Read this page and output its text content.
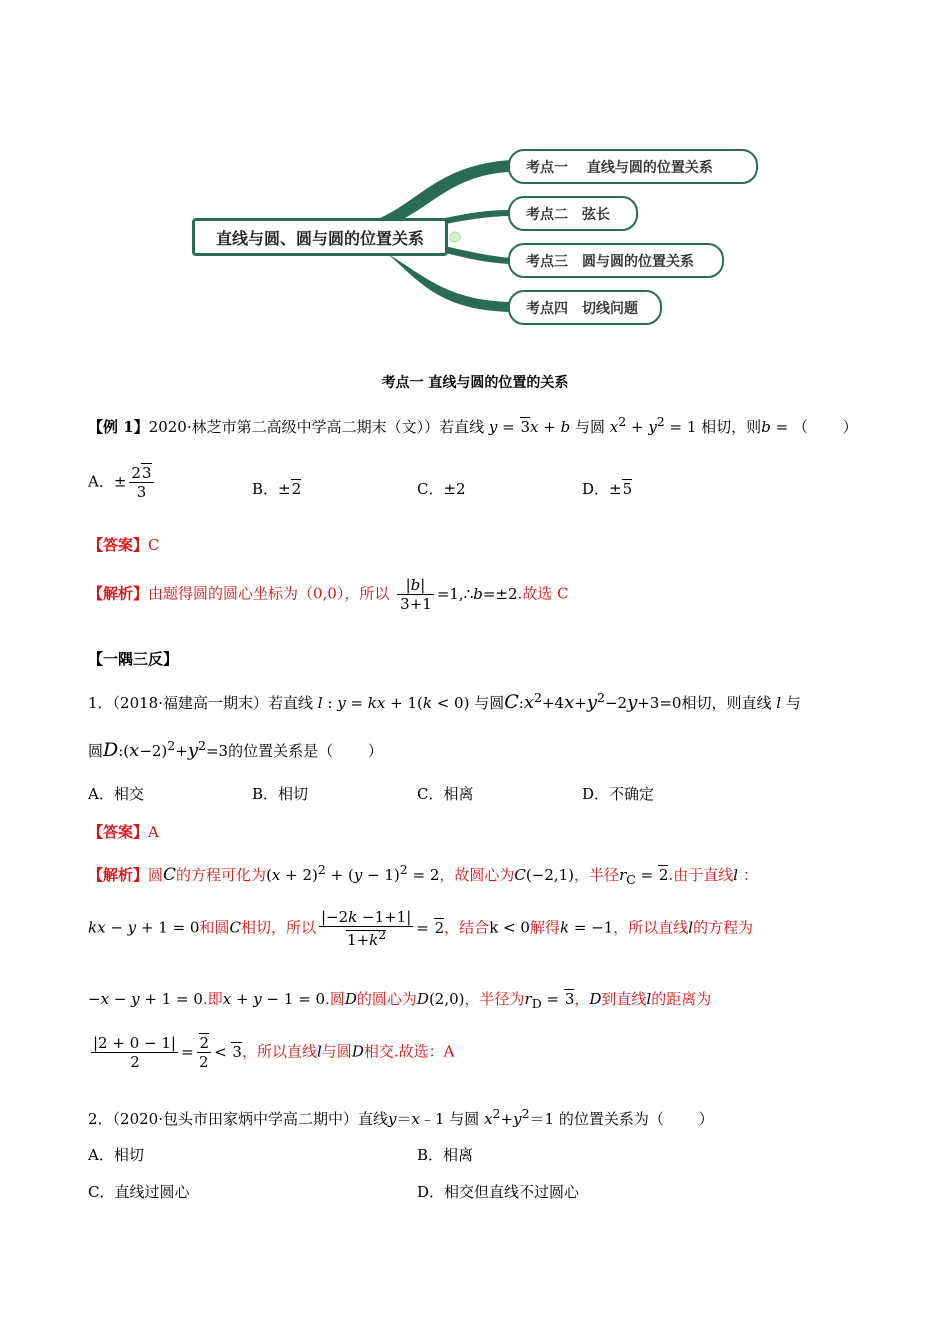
直线与圆、圆与圆的位置关系
考点一　 直线与圆的位置关系
考点二　弦长
考点三　圆与圆的位置关系
考点四　切线问题
考点一 直线与圆的位置的关系
【例 1】2020·林芝市第二高级中学高二期末（文））若直线 y = 3x + b 与圆 $x^2 + y^2 = 1$ 相切，则b = （　　 ）
A．± $\frac{23}{3}$	B．±2	C．±2	D．±5
【答案】C
【解析】由题得圆的圆心坐标为（0,0），所以 $\frac{|b|}{3+1}$ =1,∴b=±2.故选 C
【一隅三反】
1．（2018·福建高一期末）若直线 l : y = kx + 1(k < 0) 与圆$C:x^2+4x+y^2-2y+3=0$相切，则直线 l 与
圆$D:(x-2)^2+y^2=3$的位置关系是（　　 ）
A．相交	B．相切	C．相离	D．不确定
【答案】A
【解析】圆C的方程可化为$(x + 2)^2 + (y - 1)^2 = 2$，故圆心为C(−2,1)，半径$r_C = 2$.由于直线l ：
kx − y + 1 = 0和圆C相切，所以 $\frac{|-2k -1+1|}{1+k^2} = 2$，结合k < 0解得k = −1，所以直线l的方程为
−x − y + 1 = 0.即x + y − 1 = 0.圆D的圆心为D(2,0)，半径为$r_D = 3$，D到直线l的距离为
$\frac{|2 + 0 - 1|}{2} = \frac{2}{2} < 3$，所以直线l与圆D相交.故选：A
2．（2020·包头市田家炳中学高二期中）直线y＝x﹣1 与圆 $x^2+y^2=1$ 的位置关系为（　　 ）
A．相切	B．相离
C．直线过圆心	D．相交但直线不过圆心
